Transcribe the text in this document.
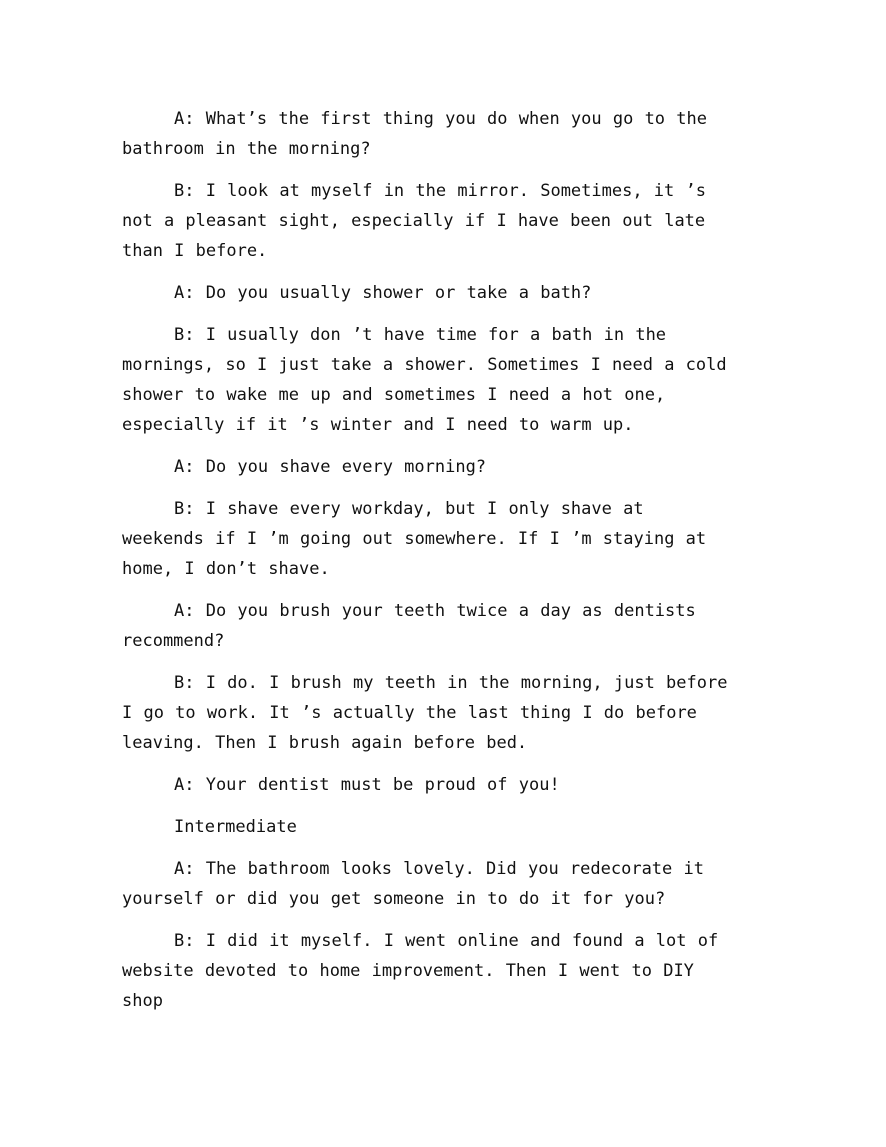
A: What’s the first thing you do when you go to the bathroom in the morning?

B: I look at myself in the mirror. Sometimes, it ’s not a pleasant sight, especially if I have been out late than I before.

A: Do you usually shower or take a bath?

B: I usually don ’t have time for a bath in the mornings, so I just take a shower. Sometimes I need a cold shower to wake me up and sometimes I need a hot one, especially if it ’s winter and I need to warm up.

A: Do you shave every morning?

B: I shave every workday, but I only shave at weekends if I ’m going out somewhere. If I ’m staying at home, I don’t shave.

A: Do you brush your teeth twice a day as dentists recommend?

B: I do. I brush my teeth in the morning, just before I go to work. It ’s actually the last thing I do before leaving. Then I brush again before bed.

A: Your dentist must be proud of you!

Intermediate

A: The bathroom looks lovely. Did you redecorate it yourself or did you get someone in to do it for you?

B: I did it myself. I went online and found a lot of website devoted to home improvement. Then I went to DIY shop
